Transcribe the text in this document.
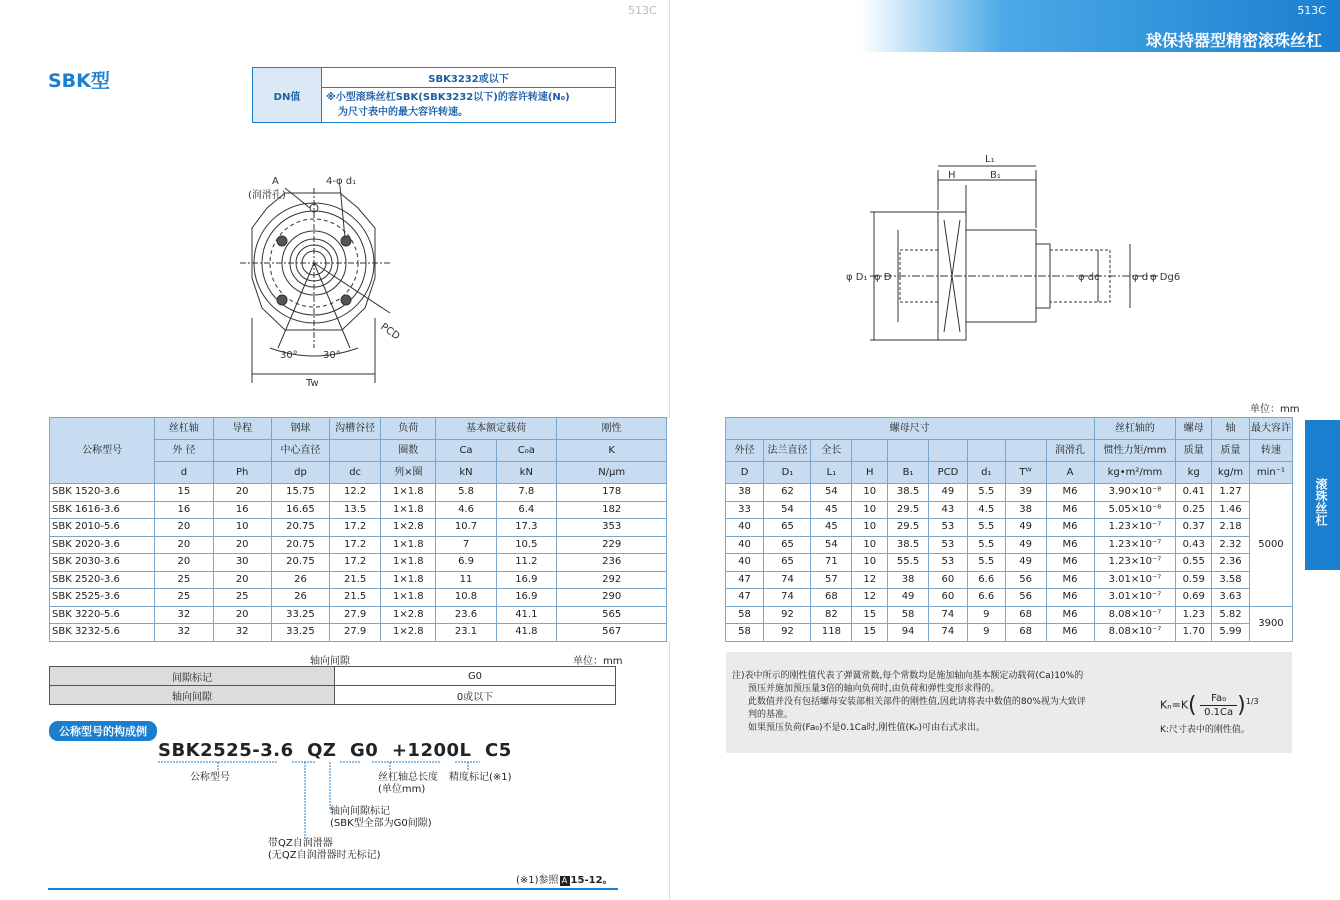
513C	513C
球保持器型精密滚珠丝杠
SBK型
DN值	SBK3232或以下
※小型滚珠丝杠SBK(SBK3232以下)的容许转速(N₀)
为尺寸表中的最大容许转速。
A
(润滑孔)
4-φ d₁
PCD
30°	30°
Tw
L₁
H	B₁
φ D₁ φ D	φ dc	φ d φ Dg6
单位：mm
公称型号	丝杠轴	导程	钢球	沟槽谷径	负荷	基本额定载荷		刚性		螺母尺寸									丝杠轴的	螺母	轴	最大容许
	外 径		中心直径		圈数	Ca	C₀a	K		外径	法兰直径	全长						润滑孔	惯性力矩/mm	质量	质量	转速
	d	Ph	dp	dc	列×圈	kN	kN	N/μm		D	D₁	L₁	H	B₁	PCD	d₁	Tᵂ	A	kg•m²/mm	kg	kg/m	min⁻¹
SBK 1520-3.6	15	20	15.75	12.2	1×1.8	5.8	7.8	178		38	62	54	10	38.5	49	5.5	39	M6	3.90×10⁻⁸	0.41	1.27	5000
SBK 1616-3.6	16	16	16.65	13.5	1×1.8	4.6	6.4	182		33	54	45	10	29.5	43	4.5	38	M6	5.05×10⁻⁸	0.25	1.46	
SBK 2010-5.6	20	10	20.75	17.2	1×2.8	10.7	17.3	353		40	65	45	10	29.5	53	5.5	49	M6	1.23×10⁻⁷	0.37	2.18	
SBK 2020-3.6	20	20	20.75	17.2	1×1.8	7	10.5	229		40	65	54	10	38.5	53	5.5	49	M6	1.23×10⁻⁷	0.43	2.32	
SBK 2030-3.6	20	30	20.75	17.2	1×1.8	6.9	11.2	236		40	65	71	10	55.5	53	5.5	49	M6	1.23×10⁻⁷	0.55	2.36	
SBK 2520-3.6	25	20	26	21.5	1×1.8	11	16.9	292		47	74	57	12	38	60	6.6	56	M6	3.01×10⁻⁷	0.59	3.58	
SBK 2525-3.6	25	25	26	21.5	1×1.8	10.8	16.9	290		47	74	68	12	49	60	6.6	56	M6	3.01×10⁻⁷	0.69	3.63	
SBK 3220-5.6	32	20	33.25	27.9	1×2.8	23.6	41.1	565		58	92	82	15	58	74	9	68	M6	8.08×10⁻⁷	1.23	5.82	3900
SBK 3232-5.6	32	32	33.25	27.9	1×2.8	23.1	41.8	567		58	92	118	15	94	74	9	68	M6	8.08×10⁻⁷	1.70	5.99	
轴向间隙	单位：mm
间隙标记	G0
轴向间隙	0或以下
公称型号的构成例
SBK2525-3.6  QZ  G0  +1200L  C5
公称型号	丝杠轴总长度
(单位mm)
精度标记(※1)
轴向间隙标记
(SBK型全部为G0间隙)
带QZ自润滑器
(无QZ自润滑器时无标记)
(※1)参照 A 15-12。
注)表中所示的刚性值代表了弹簧常数,每个常数均是施加轴向基本额定动载荷(Ca)10%的
预压并施加预压量3倍的轴向负荷时,由负荷和弹性变形求得的。
此数值并没有包括螺母安装部相关部件的刚性值,因此请将表中数值的80%视为大致评
判的基准。
如果预压负荷(Fa₀)不是0.1Ca时,刚性值(Kₙ)可由右式求出。
$K_n=K( \frac{\text{Fa₀}}{0.1Ca} )^{1/3}$
K:尺寸表中的刚性值。
滚珠丝杠
